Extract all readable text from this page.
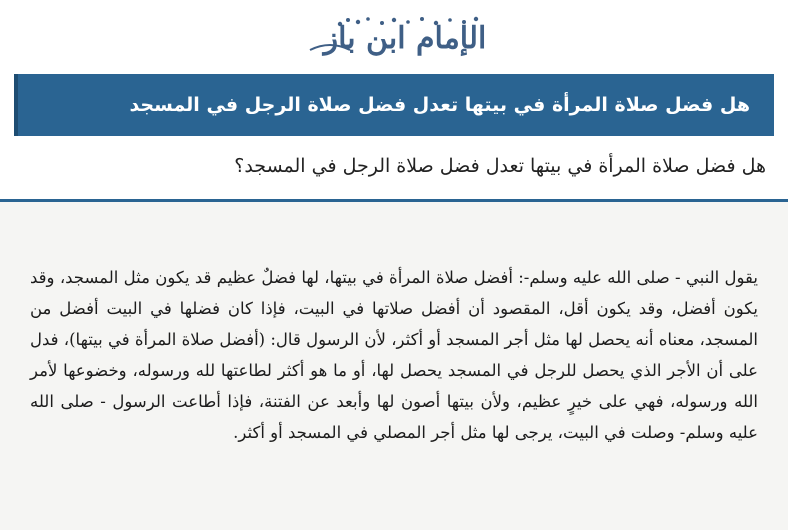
الإمام ابن باز
هل فضل صلاة المرأة في بيتها تعدل فضل صلاة الرجل في المسجد
هل فضل صلاة المرأة في بيتها تعدل فضل صلاة الرجل في المسجد؟

يقول النبي - صلى الله عليه وسلم-: أفضل صلاة المرأة في بيتها، لها فضلٌ عظيم قد يكون مثل المسجد، وقد يكون أفضل، وقد يكون أقل، المقصود أن أفضل صلاتها في البيت، فإذا كان فضلها في البيت أفضل من المسجد، معناه أنه يحصل لها مثل أجر المسجد أو أكثر، لأن الرسول قال: (أفضل صلاة المرأة في بيتها)، فدل على أن الأجر الذي يحصل للرجل في المسجد يحصل لها، أو ما هو أكثر لطاعتها لله ورسوله، وخضوعها لأمر الله ورسوله، فهي على خيرٍ عظيم، ولأن بيتها أصون لها وأبعد عن الفتنة، فإذا أطاعت الرسول - صلى الله عليه وسلم- وصلت في البيت، يرجى لها مثل أجر المصلي في المسجد أو أكثر.
